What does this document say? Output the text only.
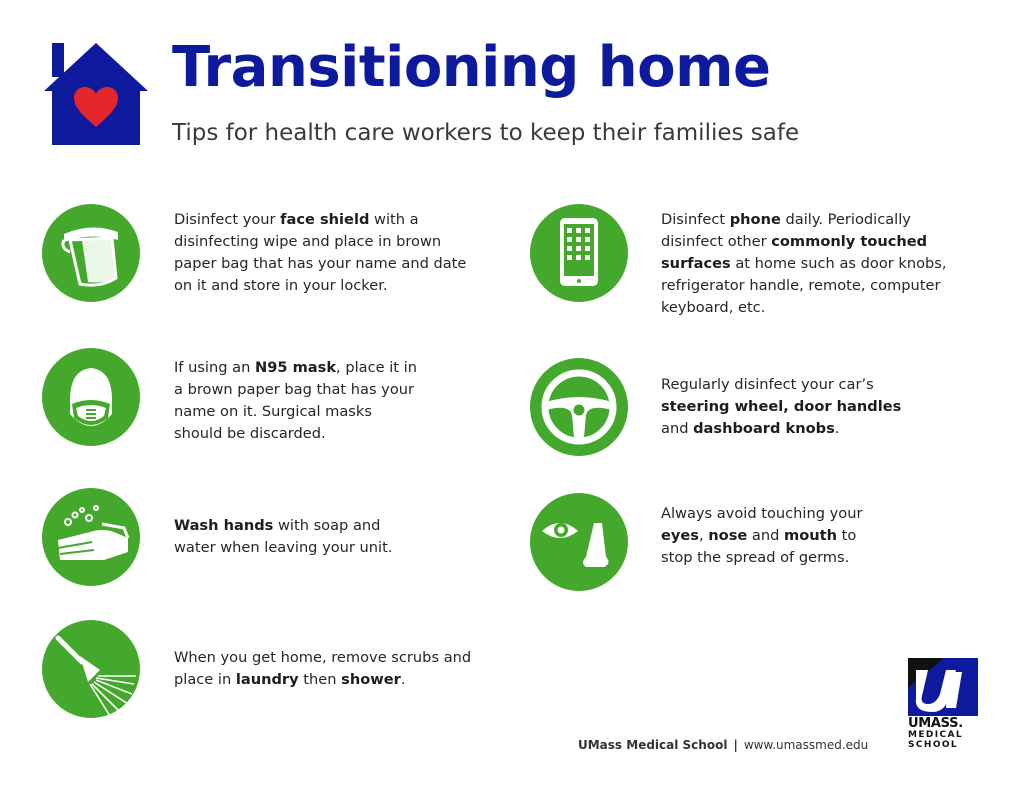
Transitioning home
Tips for health care workers to keep their families safe

Disinfect your face shield with a disinfecting wipe and place in brown paper bag that has your name and date on it and store in your locker.

If using an N95 mask, place it in a brown paper bag that has your name on it. Surgical masks should be discarded.

Wash hands with soap and water when leaving your unit.

When you get home, remove scrubs and place in laundry then shower.

Disinfect phone daily. Periodically disinfect other commonly touched surfaces at home such as door knobs, refrigerator handle, remote, computer keyboard, etc.

Regularly disinfect your car’s steering wheel, door handles and dashboard knobs.

Always avoid touching your eyes, nose and mouth to stop the spread of germs.

UMass Medical School | www.umassmed.edu
UMASS.
MEDICAL
SCHOOL
